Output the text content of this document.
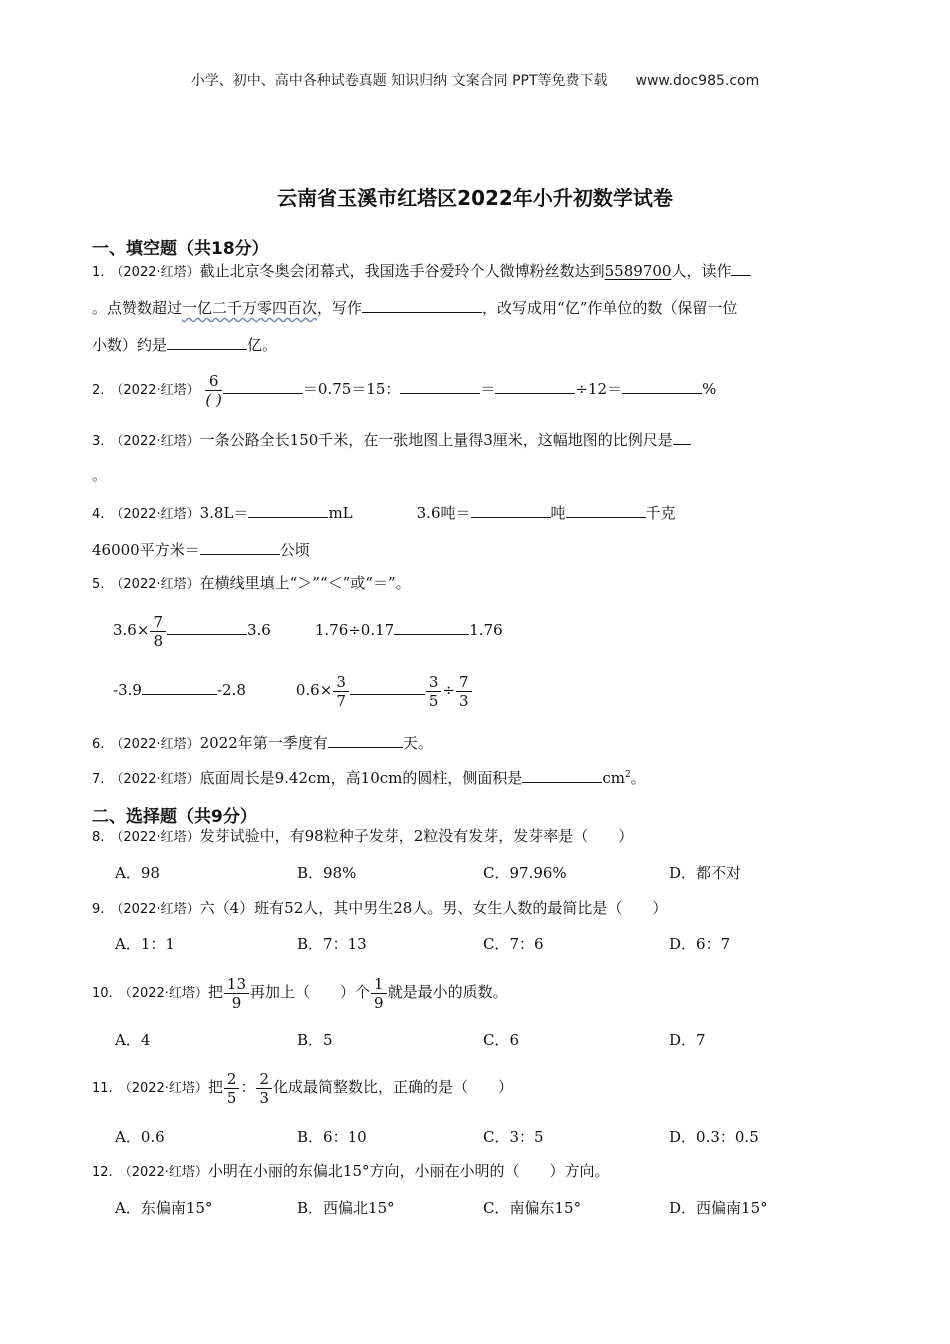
小学、初中、高中各种试卷真题 知识归纳 文案合同 PPT等免费下载 www.doc985.com
云南省玉溪市红塔区2022年小升初数学试卷
一、填空题（共18分）
1. （2022·红塔）截止北京冬奥会闭幕式，我国选手谷爱玲个人微博粉丝数达到5589700人，读作
。点赞数超过一亿二千万零四百次，写作	，改写成用“亿”作单位的数（保留一位
小数）约是	亿。
2. （2022·红塔） $\frac{6}{( )}$	＝0.75＝15：	＝	÷12＝	%
3. （2022·红塔）一条公路全长150千米，在一张地图上量得3厘米，这幅地图的比例尺是
。
4. （2022·红塔）3.8L＝	mL	3.6吨＝	吨	千克
46000平方米＝	公顷
5. （2022·红塔）在横线里填上“＞”“＜”或“＝”。
$3.6\times \frac{7}{8}$	3.6	1.76÷0.17	1.76
-3.9	-2.8	$0.6\times \frac{3}{7}$	$\frac{3}{5} \div \frac{7}{3}$
6. （2022·红塔）2022年第一季度有	天。
7. （2022·红塔）底面周长是9.42cm，高10cm的圆柱，侧面积是	$cm^2$。
二、选择题（共9分）
8. （2022·红塔）发芽试验中，有98粒种子发芽，2粒没有发芽，发芽率是（　　）
A．98	B．98%	C．97.96%	D．都不对
9. （2022·红塔）六（4）班有52人，其中男生28人。男、女生人数的最简比是（　　）
A．1：1	B．7：13	C．7：6	D．6：7
10. （2022·红塔）把 $\frac{13}{9}$ 再加上（　　）个 $\frac{1}{9}$ 就是最小的质数。
A．4	B．5	C．6	D．7
11. （2022·红塔）把 $\frac{2}{5}$ ： $\frac{2}{3}$ 化成最简整数比，正确的是（　　）
A．0.6	B．6：10	C．3：5	D．0.3：0.5
12. （2022·红塔）小明在小丽的东偏北15°方向，小丽在小明的（　　）方向。
A．东偏南15°	B．西偏北15°	C．南偏东15°	D．西偏南15°
